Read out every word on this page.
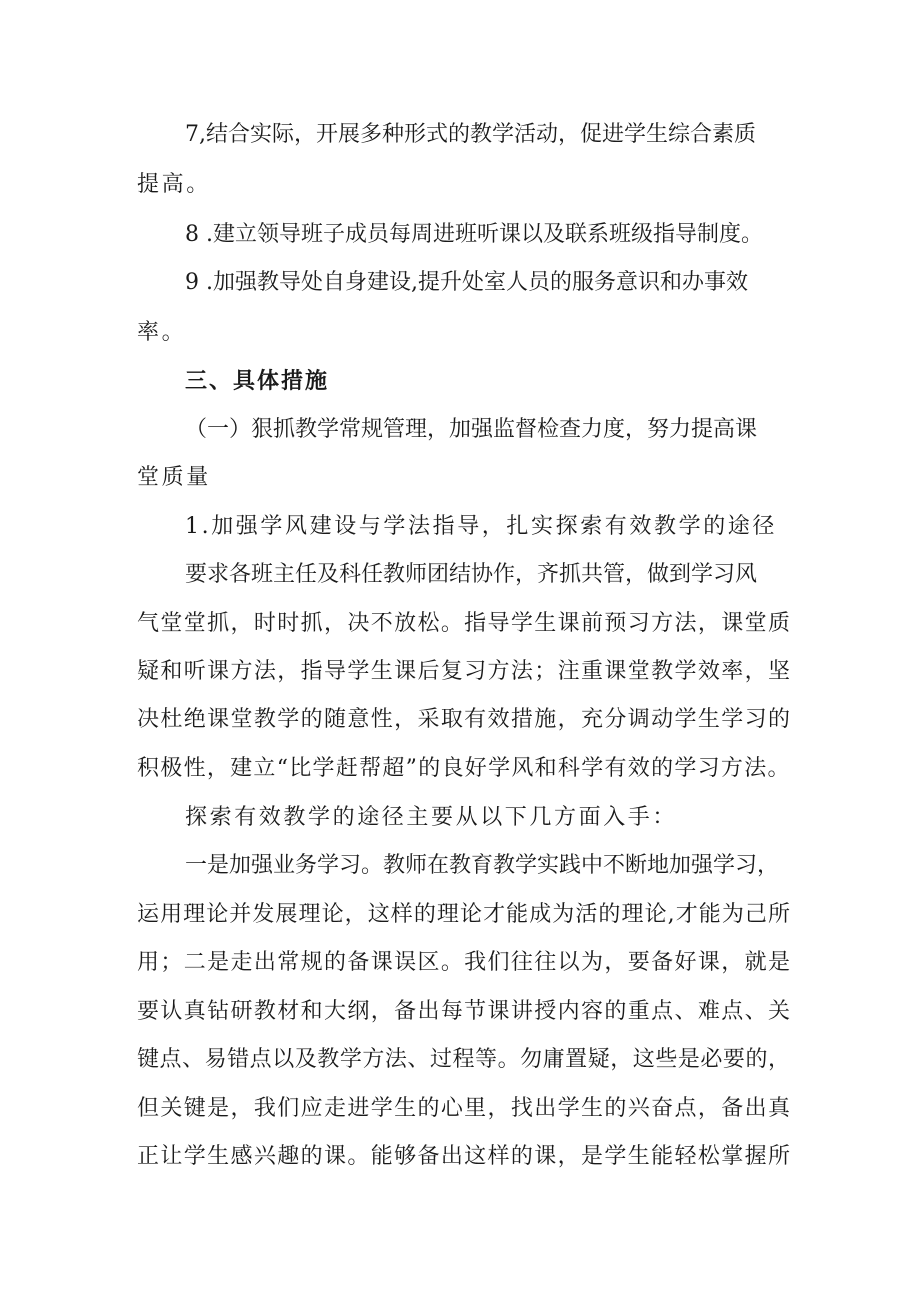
7,结合实际，开展多种形式的教学活动，促进学生综合素质
提高。
8 .建立领导班子成员每周进班听课以及联系班级指导制度。
9 .加强教导处自身建设,提升处室人员的服务意识和办事效
率。
三、具体措施
（一）狠抓教学常规管理，加强监督检查力度，努力提高课
堂质量
1.加强学风建设与学法指导，扎实探索有效教学的途径
要求各班主任及科任教师团结协作，齐抓共管，做到学习风
气堂堂抓，时时抓，决不放松。指导学生课前预习方法，课堂质
疑和听课方法，指导学生课后复习方法；注重课堂教学效率，坚
决杜绝课堂教学的随意性，采取有效措施，充分调动学生学习的
积极性，建立“比学赶帮超”的良好学风和科学有效的学习方法。
探索有效教学的途径主要从以下几方面入手：
一是加强业务学习。教师在教育教学实践中不断地加强学习，
运用理论并发展理论，这样的理论才能成为活的理论,才能为己所
用；二是走出常规的备课误区。我们往往以为，要备好课，就是
要认真钻研教材和大纲，备出每节课讲授内容的重点、难点、关
键点、易错点以及教学方法、过程等。勿庸置疑，这些是必要的，
但关键是，我们应走进学生的心里，找出学生的兴奋点，备出真
正让学生感兴趣的课。能够备出这样的课，是学生能轻松掌握所
